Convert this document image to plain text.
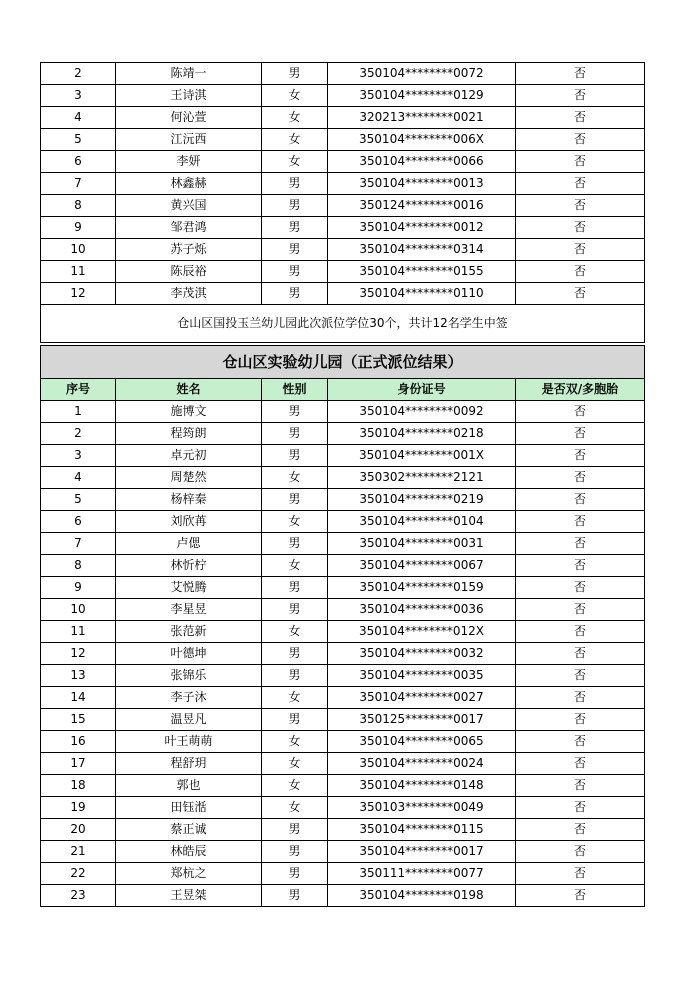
2	陈靖一	男	350104********0072	否
3	王诗淇	女	350104********0129	否
4	何沁萱	女	320213********0021	否
5	江沅西	女	350104********006X	否
6	李妍	女	350104********0066	否
7	林鑫赫	男	350104********0013	否
8	黄兴国	男	350124********0016	否
9	邹君鸿	男	350104********0012	否
10	苏子烁	男	350104********0314	否
11	陈辰裕	男	350104********0155	否
12	李茂淇	男	350104********0110	否
仓山区国投玉兰幼儿园此次派位学位30个，共计12名学生中签				
仓山区实验幼儿园（正式派位结果）				
序号	姓名	性别	身份证号	是否双/多胞胎
1	施博文	男	350104********0092	否
2	程筠朗	男	350104********0218	否
3	卓元初	男	350104********001X	否
4	周楚然	女	350302********2121	否
5	杨梓秦	男	350104********0219	否
6	刘欣苒	女	350104********0104	否
7	卢偲	男	350104********0031	否
8	林忻柠	女	350104********0067	否
9	艾悦腾	男	350104********0159	否
10	李星昱	男	350104********0036	否
11	张范新	女	350104********012X	否
12	叶德坤	男	350104********0032	否
13	张锦乐	男	350104********0035	否
14	李子沐	女	350104********0027	否
15	温昱凡	男	350125********0017	否
16	叶王萌萌	女	350104********0065	否
17	程舒玥	女	350104********0024	否
18	郭也	女	350104********0148	否
19	田钰湉	女	350103********0049	否
20	蔡正诚	男	350104********0115	否
21	林皓辰	男	350104********0017	否
22	郑杭之	男	350111********0077	否
23	王昱桀	男	350104********0198	否
